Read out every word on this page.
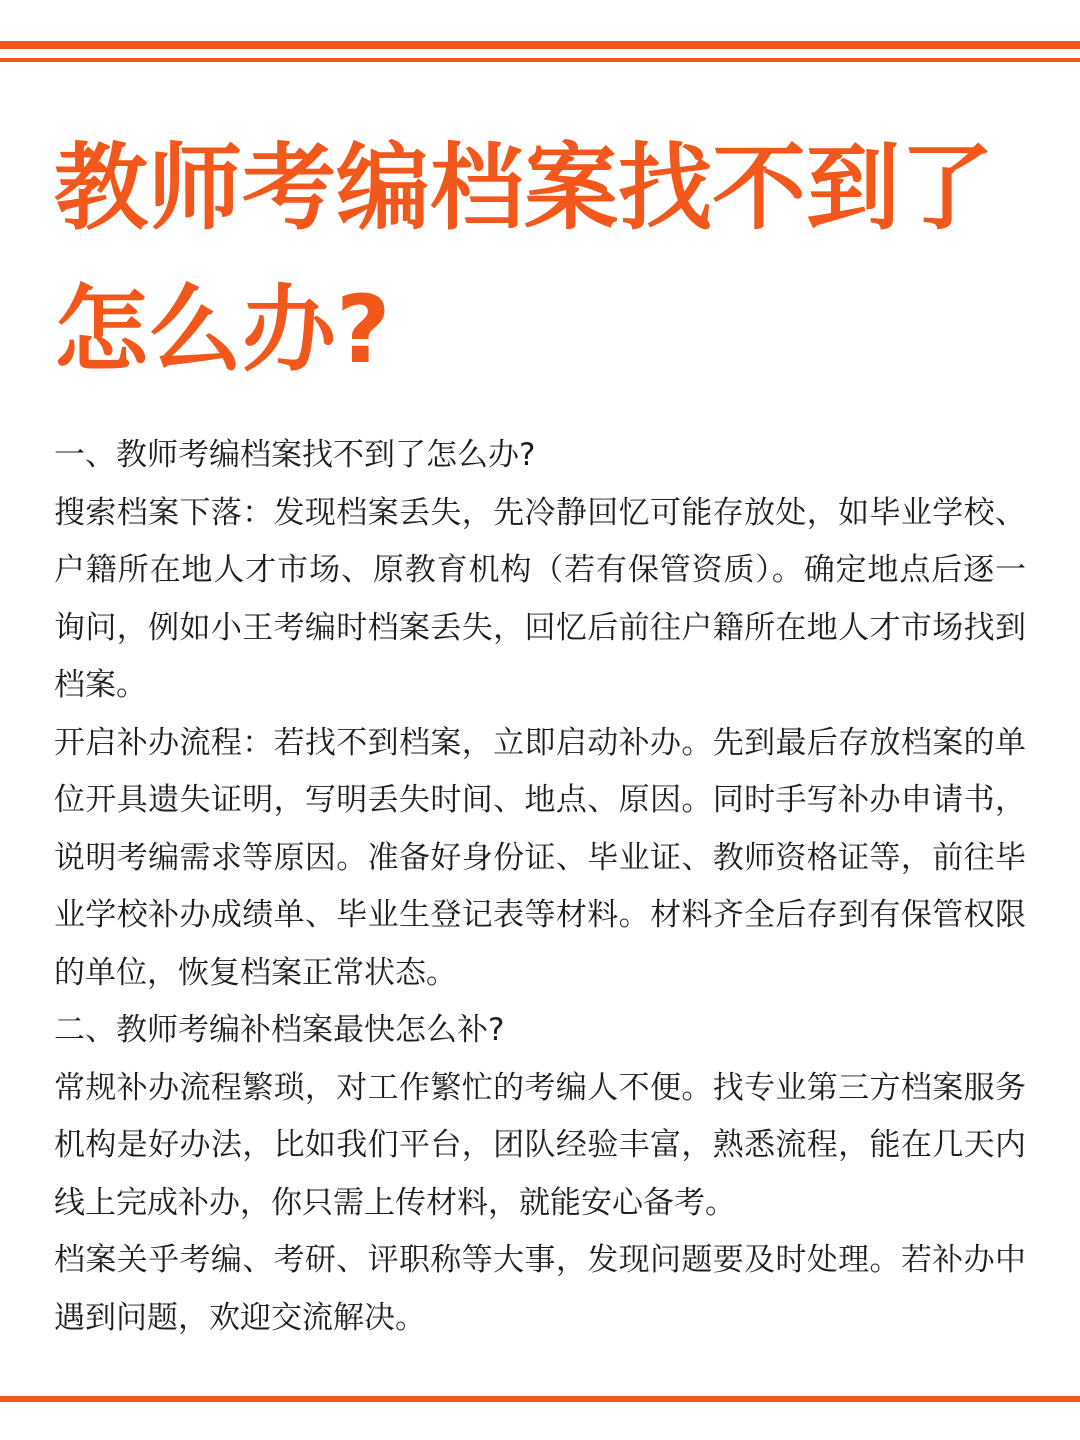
教师考编档案找不到了怎么办?

一、教师考编档案找不到了怎么办?

搜索档案下落：发现档案丢失，先冷静回忆可能存放处，如毕业学校、户籍所在地人才市场、原教育机构（若有保管资质）。确定地点后逐一询问，例如小王考编时档案丢失，回忆后前往户籍所在地人才市场找到档案。

开启补办流程：若找不到档案，立即启动补办。先到最后存放档案的单位开具遗失证明，写明丢失时间、地点、原因。同时手写补办申请书，说明考编需求等原因。准备好身份证、毕业证、教师资格证等，前往毕业学校补办成绩单、毕业生登记表等材料。材料齐全后存到有保管权限的单位，恢复档案正常状态。

二、教师考编补档案最快怎么补?

常规补办流程繁琐，对工作繁忙的考编人不便。找专业第三方档案服务机构是好办法，比如我们平台，团队经验丰富，熟悉流程，能在几天内线上完成补办，你只需上传材料，就能安心备考。

档案关乎考编、考研、评职称等大事，发现问题要及时处理。若补办中遇到问题，欢迎交流解决。
